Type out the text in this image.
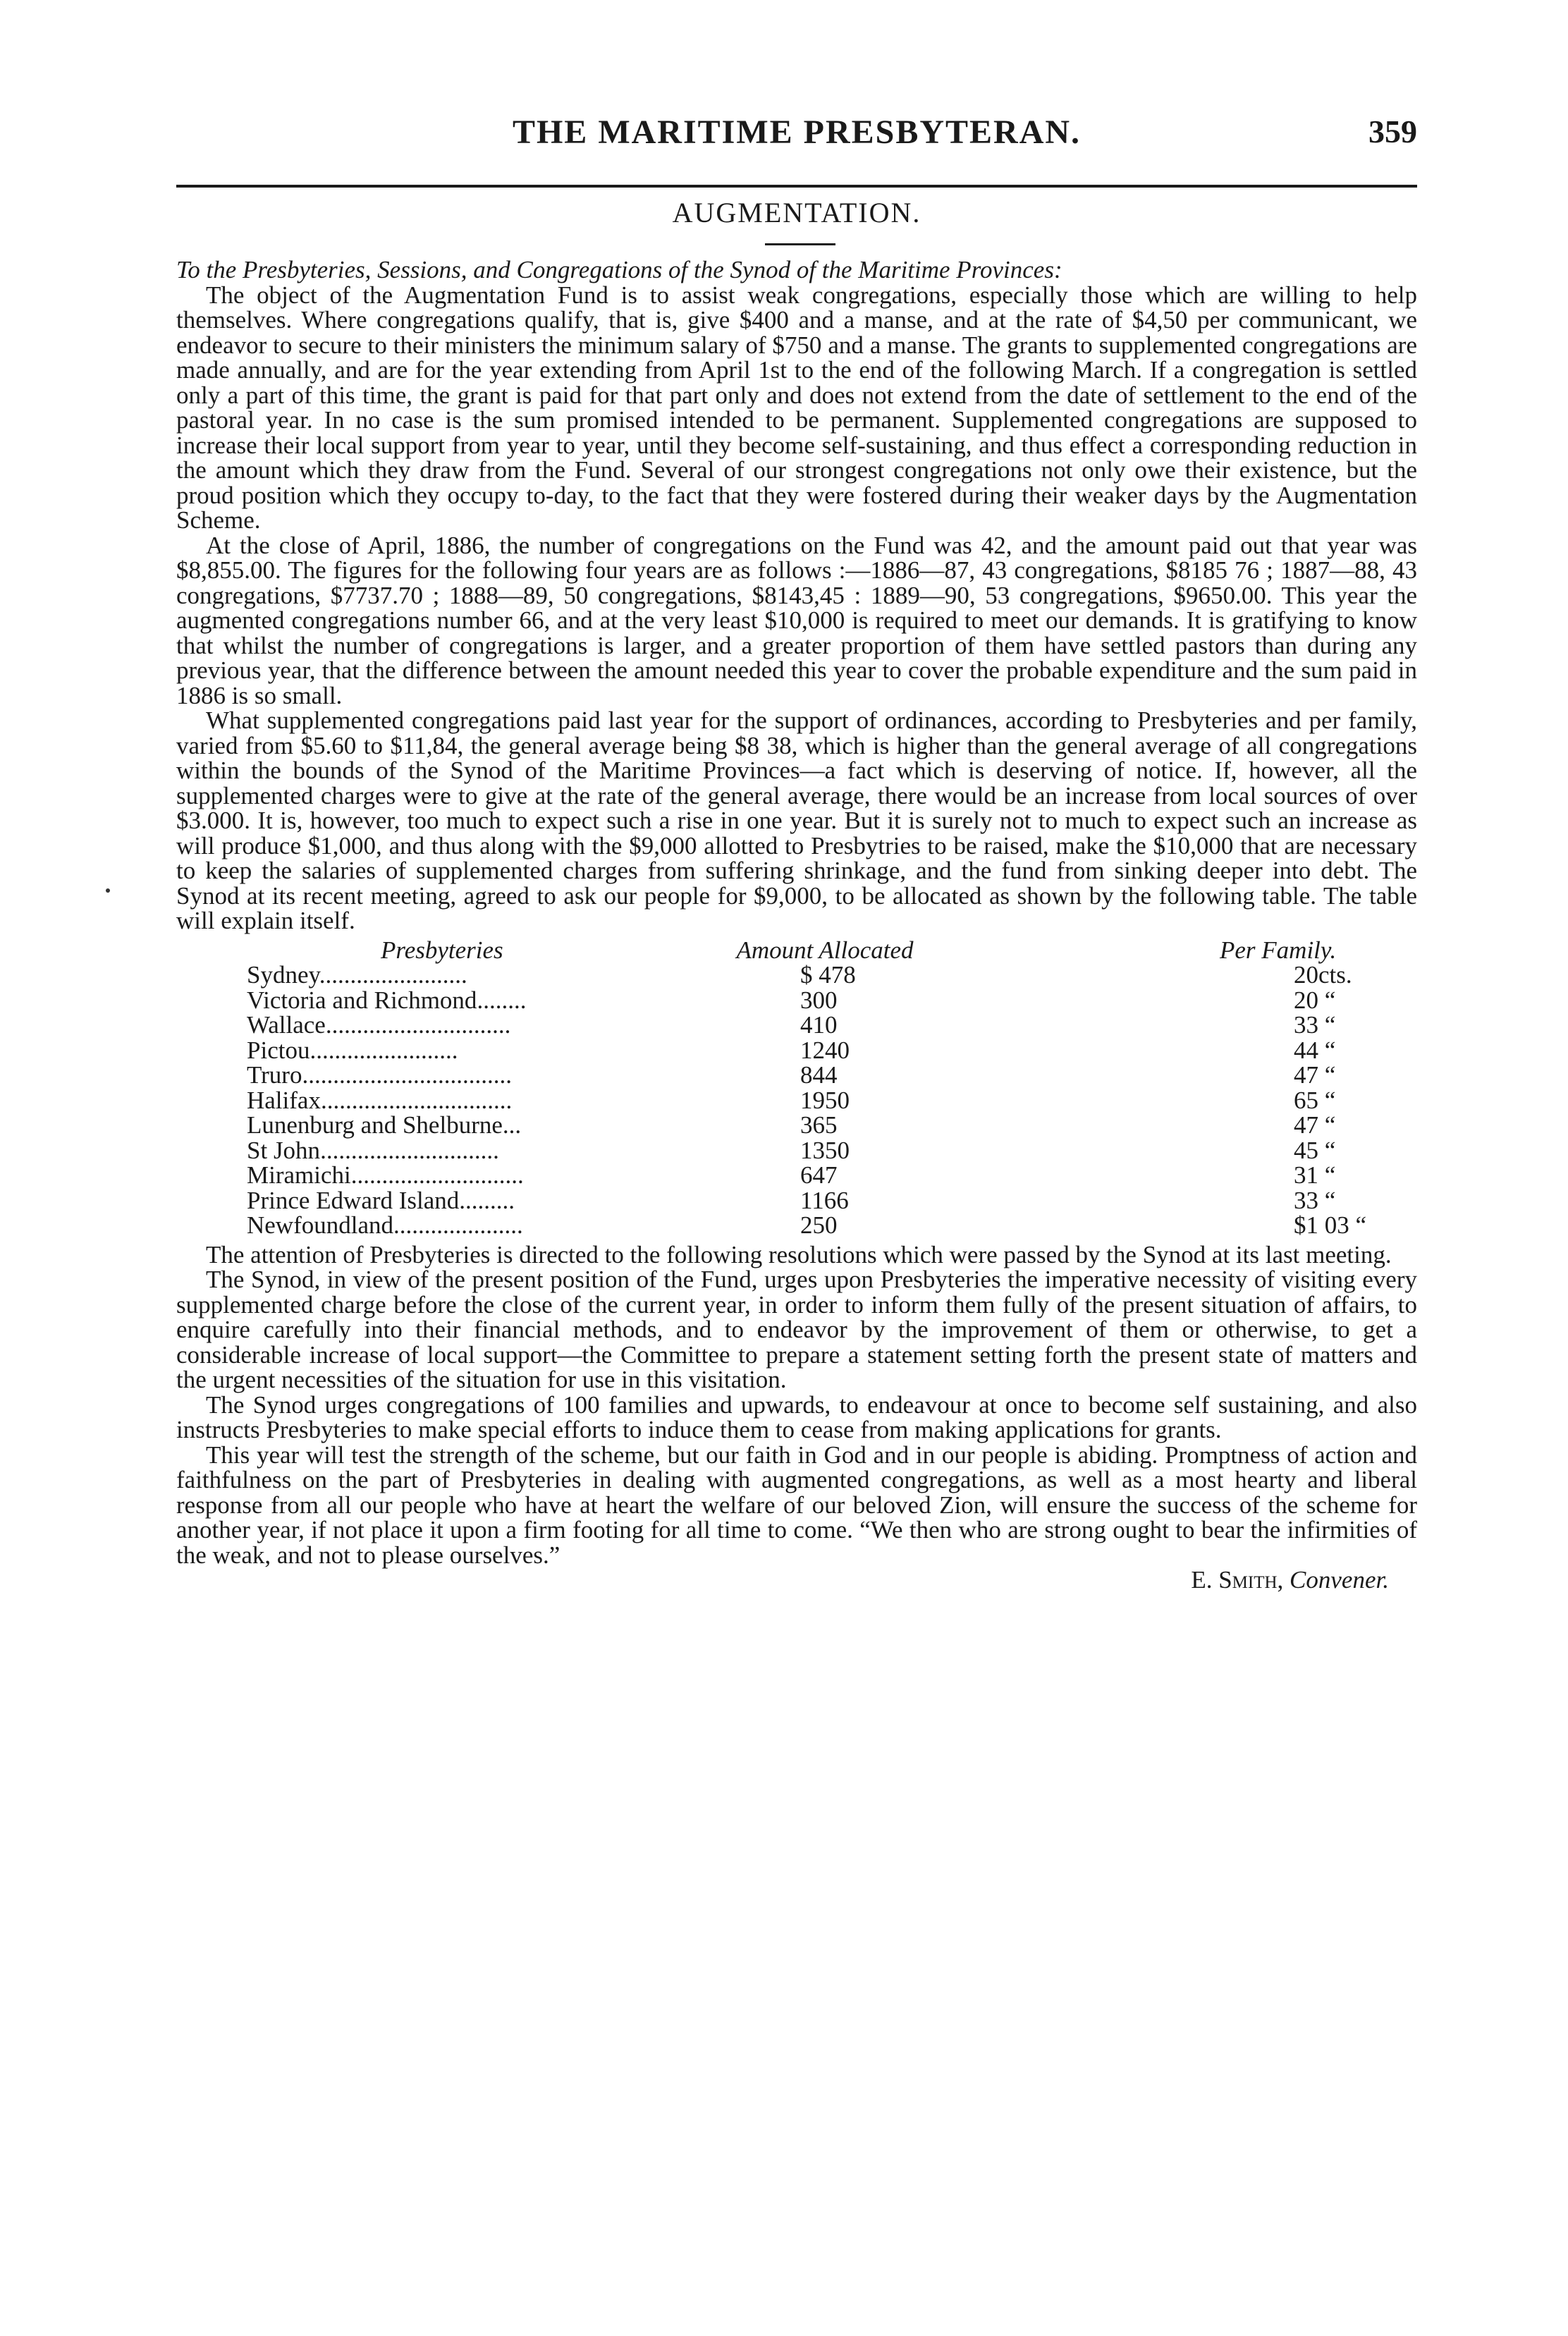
THE MARITIME PRESBYTERAN.	359
AUGMENTATION.

To the Presbyteries, Sessions, and Congregations of the Synod of the Maritime Provinces:

The object of the Augmentation Fund is to assist weak congregations, especially those which are willing to help themselves. Where congregations qualify, that is, give $400 and a manse, and at the rate of $4,50 per communicant, we endeavor to secure to their ministers the minimum salary of $750 and a manse. The grants to supplemented congregations are made annually, and are for the year extending from April 1st to the end of the following March. If a congregation is settled only a part of this time, the grant is paid for that part only and does not extend from the date of settlement to the end of the pastoral year. In no case is the sum promised intended to be permanent. Supplemented congregations are supposed to increase their local support from year to year, until they become self-sustaining, and thus effect a corresponding reduction in the amount which they draw from the Fund. Several of our strongest congregations not only owe their existence, but the proud position which they occupy to-day, to the fact that they were fostered during their weaker days by the Augmentation Scheme.

At the close of April, 1886, the number of congregations on the Fund was 42, and the amount paid out that year was $8,855.00. The figures for the following four years are as follows :—1886—87, 43 congregations, $8185 76 ; 1887—88, 43 congregations, $7737.70 ; 1888—89, 50 congregations, $8143,45 : 1889—90, 53 congregations, $9650.00. This year the augmented congregations number 66, and at the very least $10,000 is required to meet our demands. It is gratifying to know that whilst the number of congregations is larger, and a greater proportion of them have settled pastors than during any previous year, that the difference between the amount needed this year to cover the probable expenditure and the sum paid in 1886 is so small.

What supplemented congregations paid last year for the support of ordinances, according to Presbyteries and per family, varied from $5.60 to $11,84, the general average being $8 38, which is higher than the general average of all congregations within the bounds of the Synod of the Maritime Provinces—a fact which is deserving of notice. If, however, all the supplemented charges were to give at the rate of the general average, there would be an increase from local sources of over $3.000. It is, however, too much to expect such a rise in one year. But it is surely not to much to expect such an increase as will produce $1,000, and thus along with the $9,000 allotted to Presbytries to be raised, make the $10,000 that are necessary to keep the salaries of supplemented charges from suffering shrinkage, and the fund from sinking deeper into debt. The Synod at its recent meeting, agreed to ask our people for $9,000, to be allocated as shown by the following table. The table will explain itself.

Presbyteries	Amount Allocated	Per Family.
Sydney........................	$ 478	20cts.
Victoria and Richmond........	300	20 “
Wallace..............................	410	33 “
Pictou........................	1240	44 “
Truro..................................	844	47 “
Halifax...............................	1950	65 “
Lunenburg and Shelburne...	365	47 “
St John.............................	1350	45 “
Miramichi............................	647	31 “
Prince Edward Island.........	1166	33 “
Newfoundland.....................	250	$1 03 “

The attention of Presbyteries is directed to the following resolutions which were passed by the Synod at its last meeting.

The Synod, in view of the present position of the Fund, urges upon Presbyteries the imperative necessity of visiting every supplemented charge before the close of the current year, in order to inform them fully of the present situation of affairs, to enquire carefully into their financial methods, and to endeavor by the improvement of them or otherwise, to get a considerable increase of local support—the Committee to prepare a statement setting forth the present state of matters and the urgent necessities of the situation for use in this visitation.

The Synod urges congregations of 100 families and upwards, to endeavour at once to become self sustaining, and also instructs Presbyteries to make special efforts to induce them to cease from making applications for grants.

This year will test the strength of the scheme, but our faith in God and in our people is abiding. Promptness of action and faithfulness on the part of Presbyteries in dealing with augmented congregations, as well as a most hearty and liberal response from all our people who have at heart the welfare of our beloved Zion, will ensure the success of the scheme for another year, if not place it upon a firm footing for all time to come. “We then who are strong ought to bear the infirmities of the weak, and not to please ourselves.”

E. Smith, Convener.
